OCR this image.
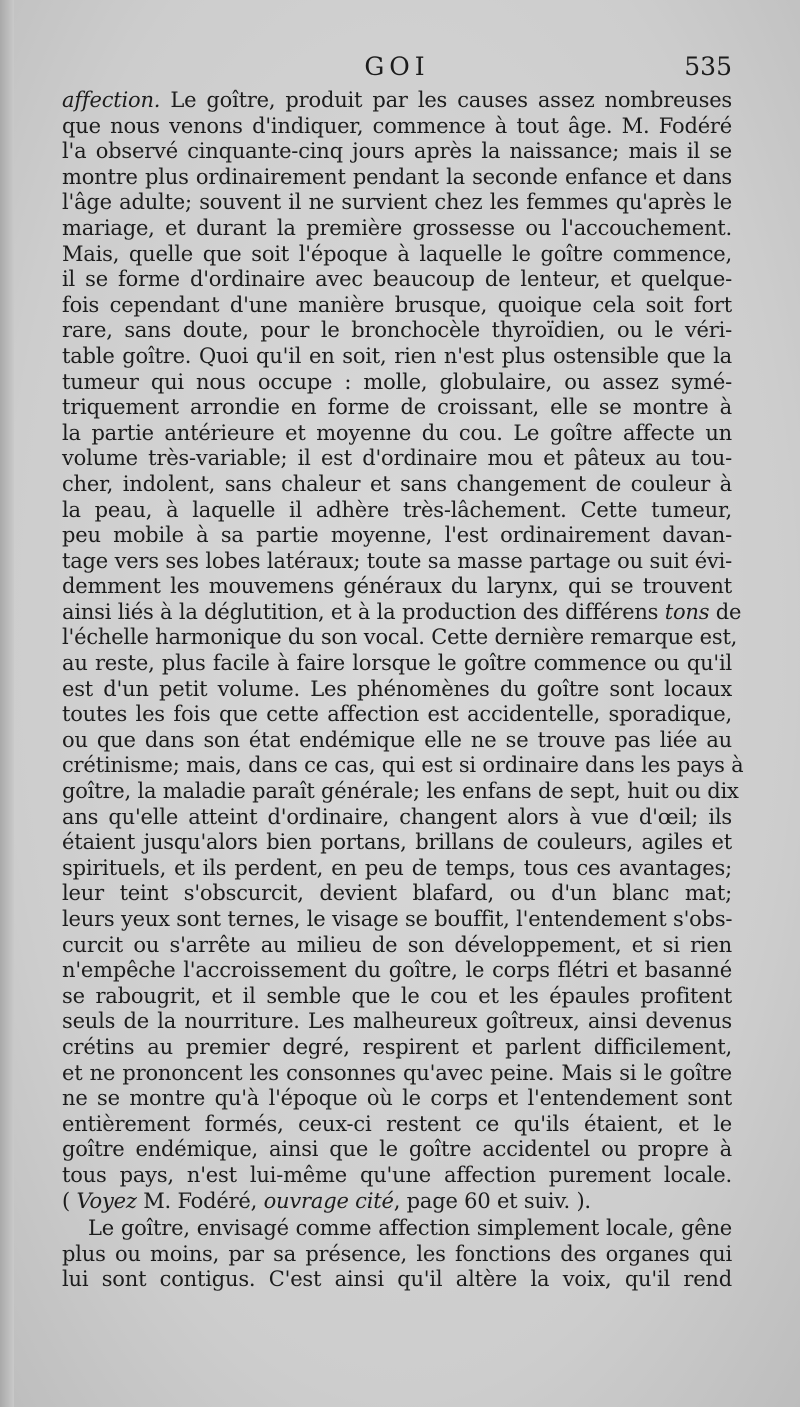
GOI	535
affection. Le goître, produit par les causes assez nombreuses
que nous venons d'indiquer, commence à tout âge. M. Fodéré
l'a observé cinquante-cinq jours après la naissance; mais il se
montre plus ordinairement pendant la seconde enfance et dans
l'âge adulte; souvent il ne survient chez les femmes qu'après le
mariage, et durant la première grossesse ou l'accouchement.
Mais, quelle que soit l'époque à laquelle le goître commence,
il se forme d'ordinaire avec beaucoup de lenteur, et quelque-
fois cependant d'une manière brusque, quoique cela soit fort
rare, sans doute, pour le bronchocèle thyroïdien, ou le véri-
table goître. Quoi qu'il en soit, rien n'est plus ostensible que la
tumeur qui nous occupe : molle, globulaire, ou assez symé-
triquement arrondie en forme de croissant, elle se montre à
la partie antérieure et moyenne du cou. Le goître affecte un
volume très-variable; il est d'ordinaire mou et pâteux au tou-
cher, indolent, sans chaleur et sans changement de couleur à
la peau, à laquelle il adhère très-lâchement. Cette tumeur,
peu mobile à sa partie moyenne, l'est ordinairement davan-
tage vers ses lobes latéraux; toute sa masse partage ou suit évi-
demment les mouvemens généraux du larynx, qui se trouvent
ainsi liés à la déglutition, et à la production des différens tons de
l'échelle harmonique du son vocal. Cette dernière remarque est,
au reste, plus facile à faire lorsque le goître commence ou qu'il
est d'un petit volume. Les phénomènes du goître sont locaux
toutes les fois que cette affection est accidentelle, sporadique,
ou que dans son état endémique elle ne se trouve pas liée au
crétinisme; mais, dans ce cas, qui est si ordinaire dans les pays à
goître, la maladie paraît générale; les enfans de sept, huit ou dix
ans qu'elle atteint d'ordinaire, changent alors à vue d'œil; ils
étaient jusqu'alors bien portans, brillans de couleurs, agiles et
spirituels, et ils perdent, en peu de temps, tous ces avantages;
leur teint s'obscurcit, devient blafard, ou d'un blanc mat;
leurs yeux sont ternes, le visage se bouffit, l'entendement s'obs-
curcit ou s'arrête au milieu de son développement, et si rien
n'empêche l'accroissement du goître, le corps flétri et basanné
se rabougrit, et il semble que le cou et les épaules profitent
seuls de la nourriture. Les malheureux goîtreux, ainsi devenus
crétins au premier degré, respirent et parlent difficilement,
et ne prononcent les consonnes qu'avec peine. Mais si le goître
ne se montre qu'à l'époque où le corps et l'entendement sont
entièrement formés, ceux-ci restent ce qu'ils étaient, et le
goître endémique, ainsi que le goître accidentel ou propre à
tous pays, n'est lui-même qu'une affection purement locale.
( Voyez M. Fodéré, ouvrage cité, page 60 et suiv. ).
Le goître, envisagé comme affection simplement locale, gêne
plus ou moins, par sa présence, les fonctions des organes qui
lui sont contigus. C'est ainsi qu'il altère la voix, qu'il rend
